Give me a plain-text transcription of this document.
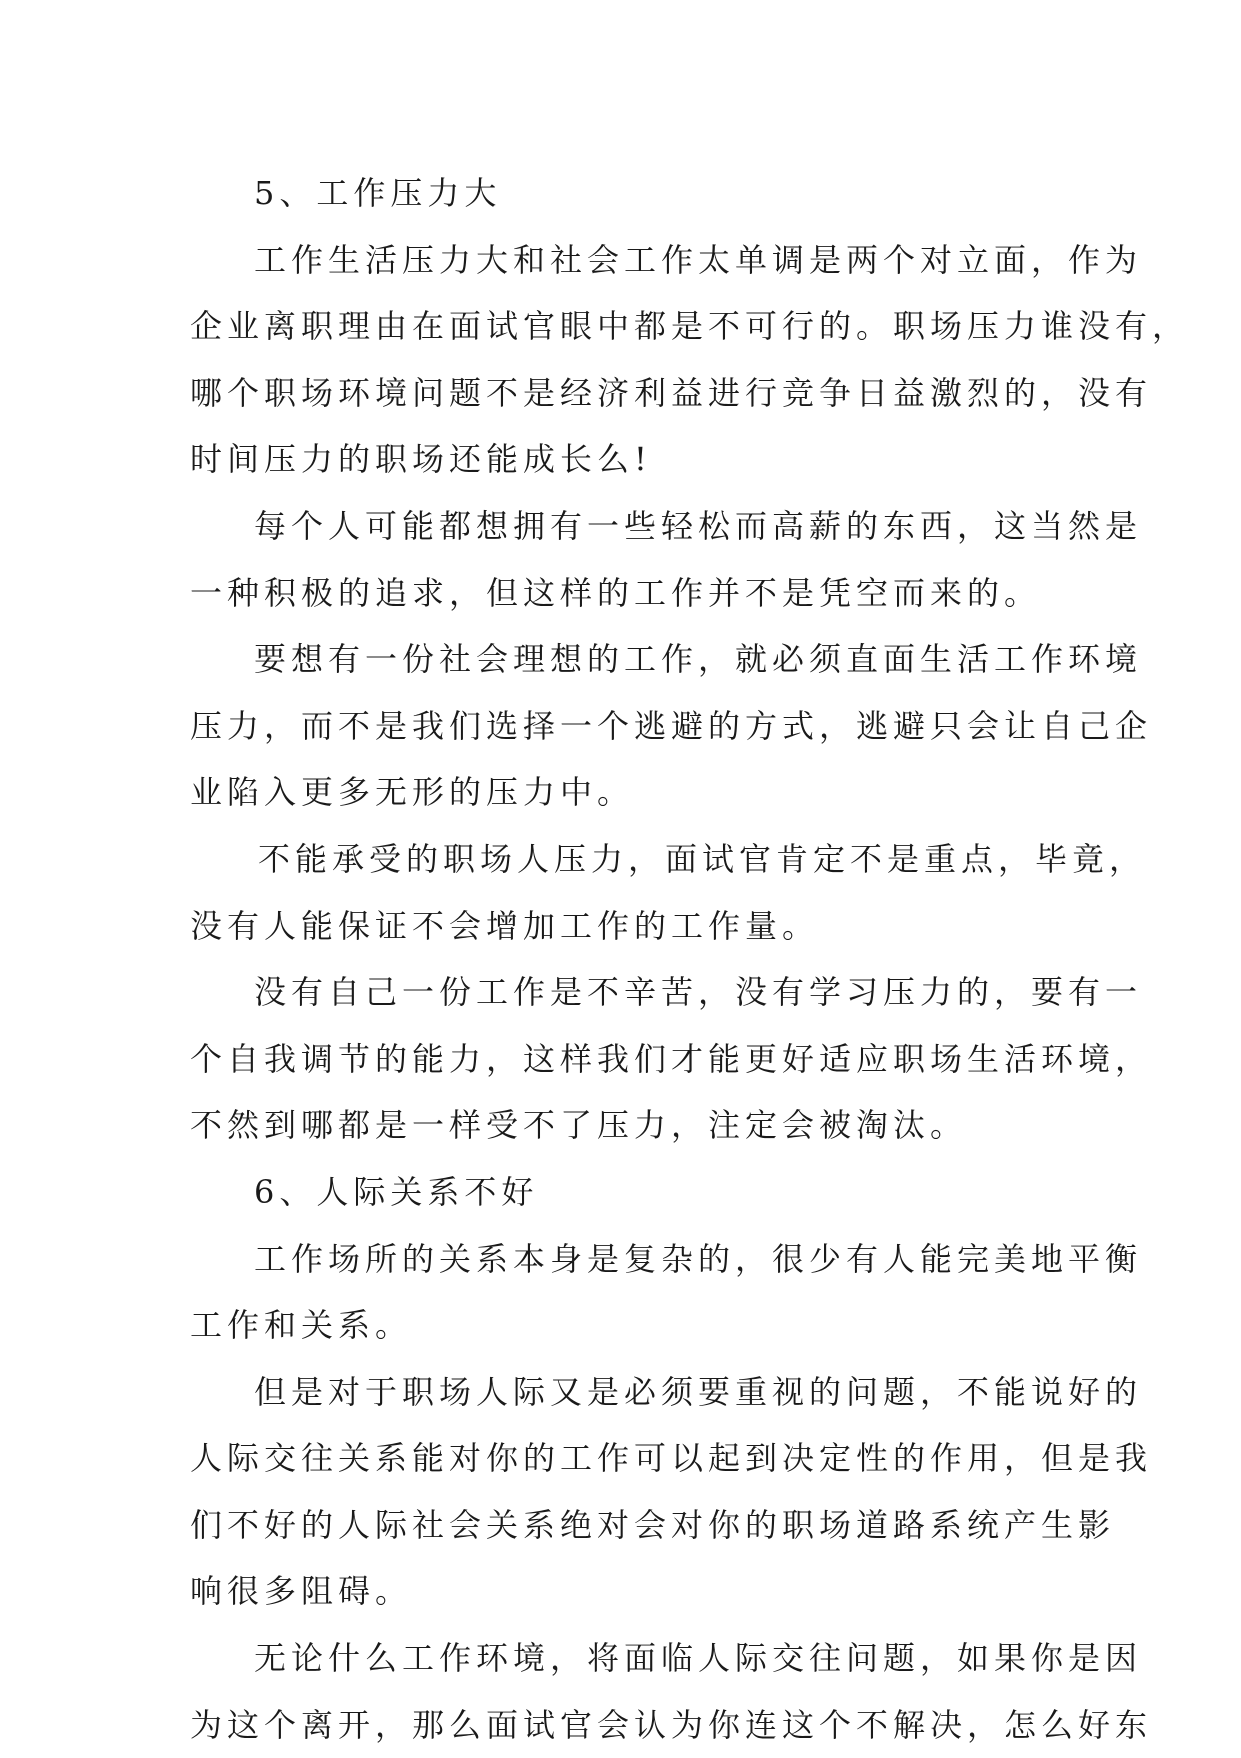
5、工作压力大
工作生活压力大和社会工作太单调是两个对立面，作为
企业离职理由在面试官眼中都是不可行的。职场压力谁没有，
哪个职场环境问题不是经济利益进行竞争日益激烈的，没有
时间压力的职场还能成长么!
每个人可能都想拥有一些轻松而高薪的东西，这当然是
一种积极的追求，但这样的工作并不是凭空而来的。
要想有一份社会理想的工作，就必须直面生活工作环境
压力，而不是我们选择一个逃避的方式，逃避只会让自己企
业陷入更多无形的压力中。
不能承受的职场人压力，面试官肯定不是重点，毕竟，
没有人能保证不会增加工作的工作量。
没有自己一份工作是不辛苦，没有学习压力的，要有一
个自我调节的能力，这样我们才能更好适应职场生活环境，
不然到哪都是一样受不了压力，注定会被淘汰。
6、人际关系不好
工作场所的关系本身是复杂的，很少有人能完美地平衡
工作和关系。
但是对于职场人际又是必须要重视的问题，不能说好的
人际交往关系能对你的工作可以起到决定性的作用，但是我
们不好的人际社会关系绝对会对你的职场道路系统产生影
响很多阻碍。
无论什么工作环境，将面临人际交往问题，如果你是因
为这个离开，那么面试官会认为你连这个不解决，怎么好东
